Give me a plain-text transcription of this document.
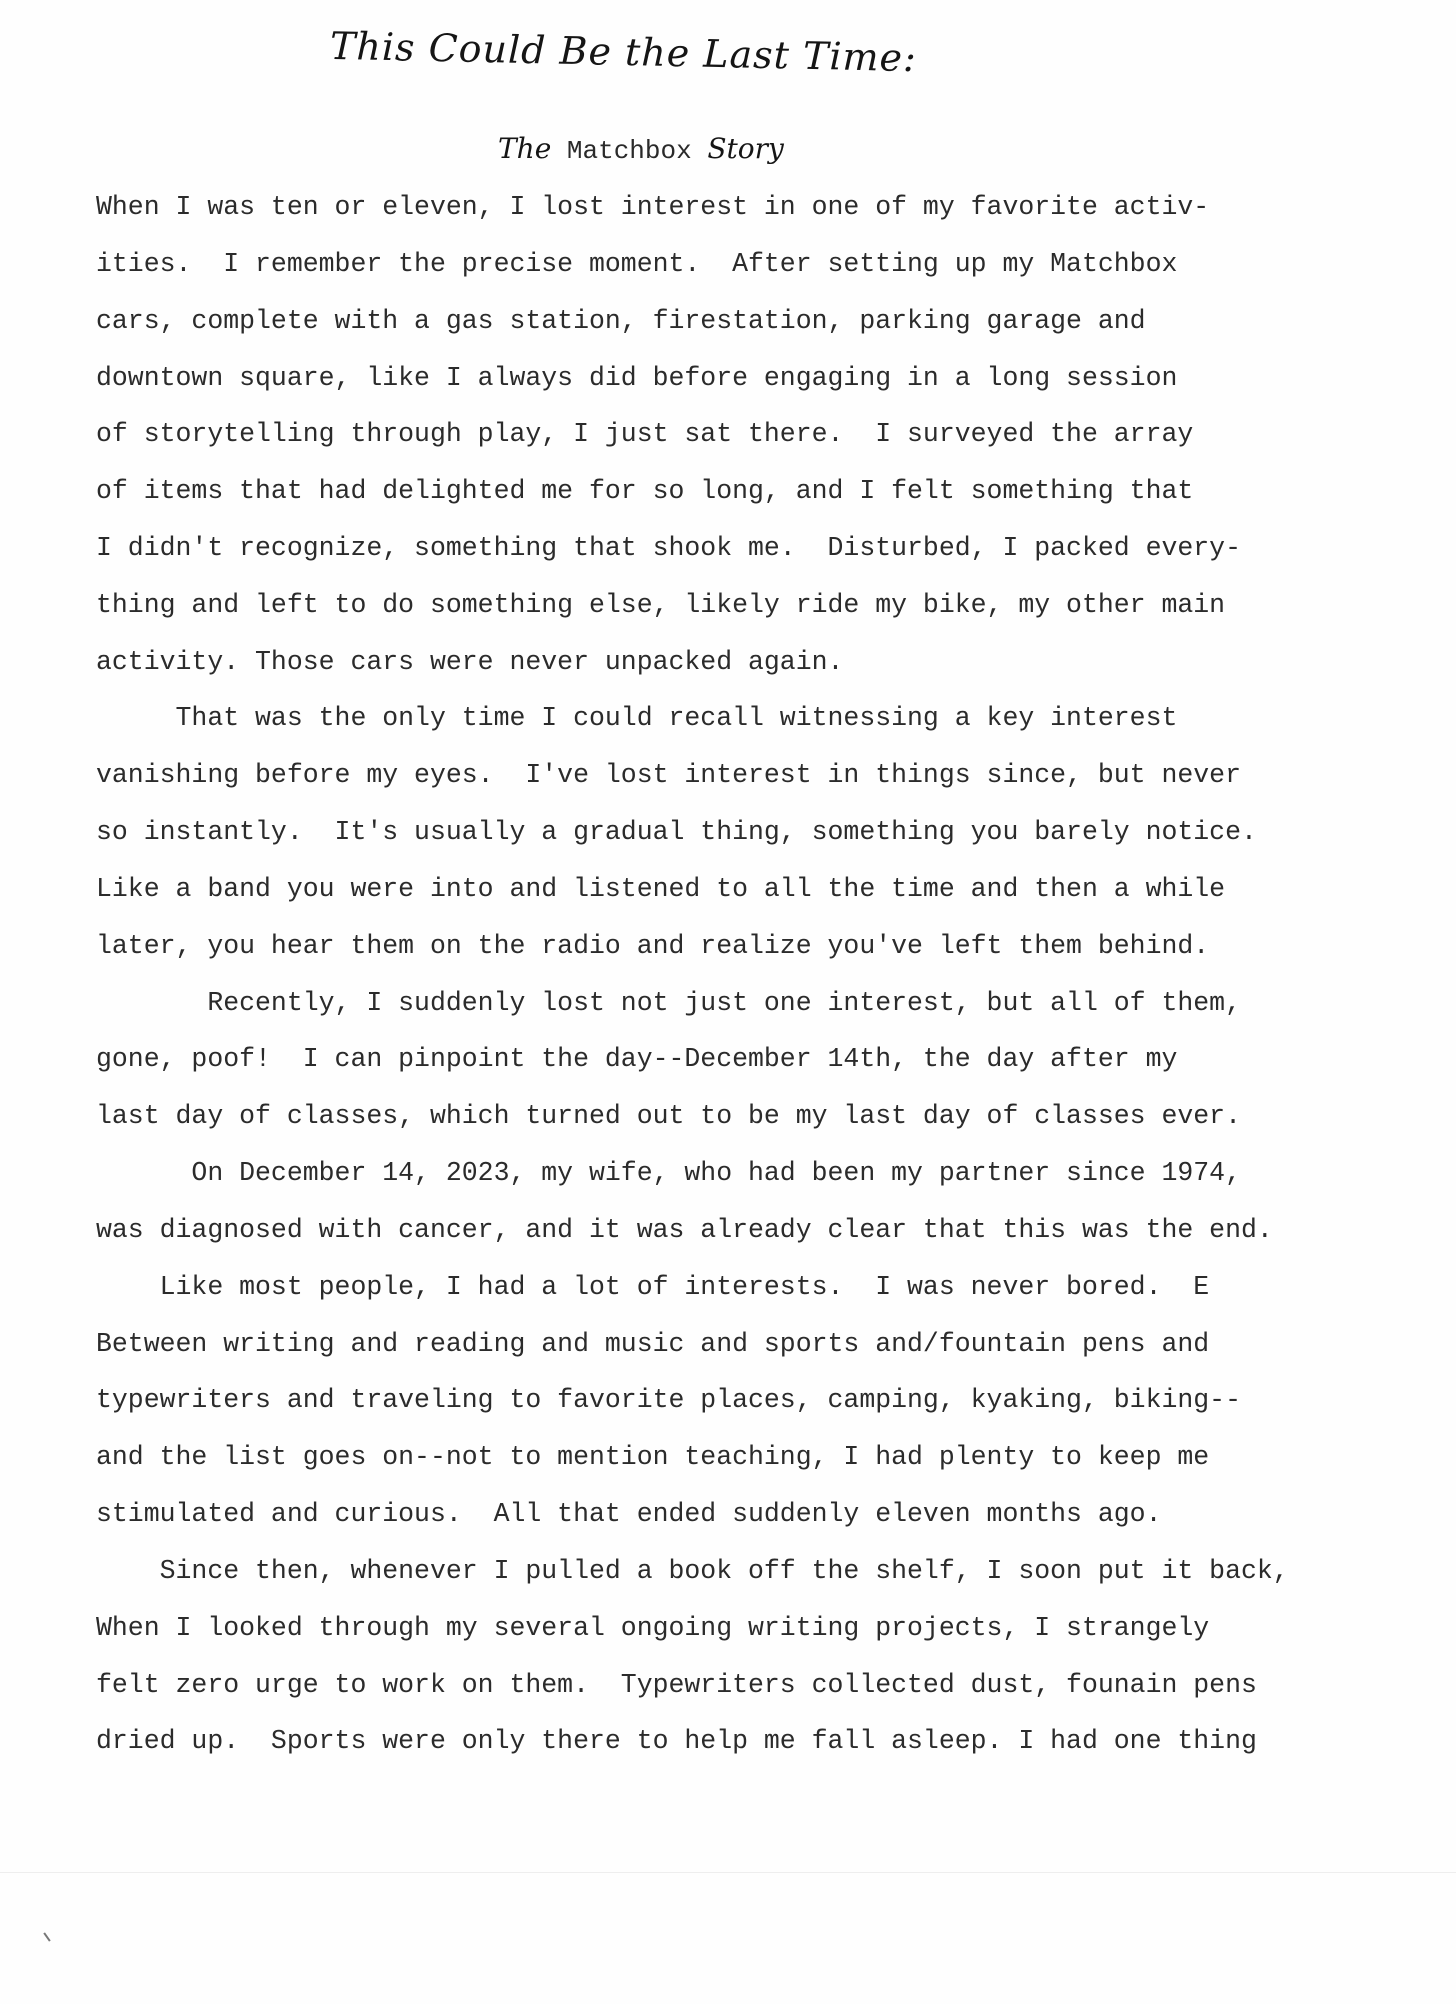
This Could Be the Last Time:
The Matchbox Story
When I was ten or eleven, I lost interest in one of my favorite activ-
ities.  I remember the precise moment.  After setting up my Matchbox
cars, complete with a gas station, firestation, parking garage and
downtown square, like I always did before engaging in a long session
of storytelling through play, I just sat there.  I surveyed the array
of items that had delighted me for so long, and I felt something that
I didn't recognize, something that shook me.  Disturbed, I packed every-
thing and left to do something else, likely ride my bike, my other main
activity. Those cars were never unpacked again.
That was the only time I could recall witnessing a key interest
vanishing before my eyes.  I've lost interest in things since, but never
so instantly.  It's usually a gradual thing, something you barely notice.
Like a band you were into and listened to all the time and then a while
later, you hear them on the radio and realize you've left them behind.
Recently, I suddenly lost not just one interest, but all of them,
gone, poof!  I can pinpoint the day--December 14th, the day after my
last day of classes, which turned out to be my last day of classes ever.
On December 14, 2023, my wife, who had been my partner since 1974,
was diagnosed with cancer, and it was already clear that this was the end.
Like most people, I had a lot of interests.  I was never bored.  E
Between writing and reading and music and sports and/fountain pens and
typewriters and traveling to favorite places, camping, kyaking, biking--
and the list goes on--not to mention teaching, I had plenty to keep me
stimulated and curious.  All that ended suddenly eleven months ago.
Since then, whenever I pulled a book off the shelf, I soon put it back,
When I looked through my several ongoing writing projects, I strangely
felt zero urge to work on them.  Typewriters collected dust, founain pens
dried up.  Sports were only there to help me fall asleep. I had one thing
